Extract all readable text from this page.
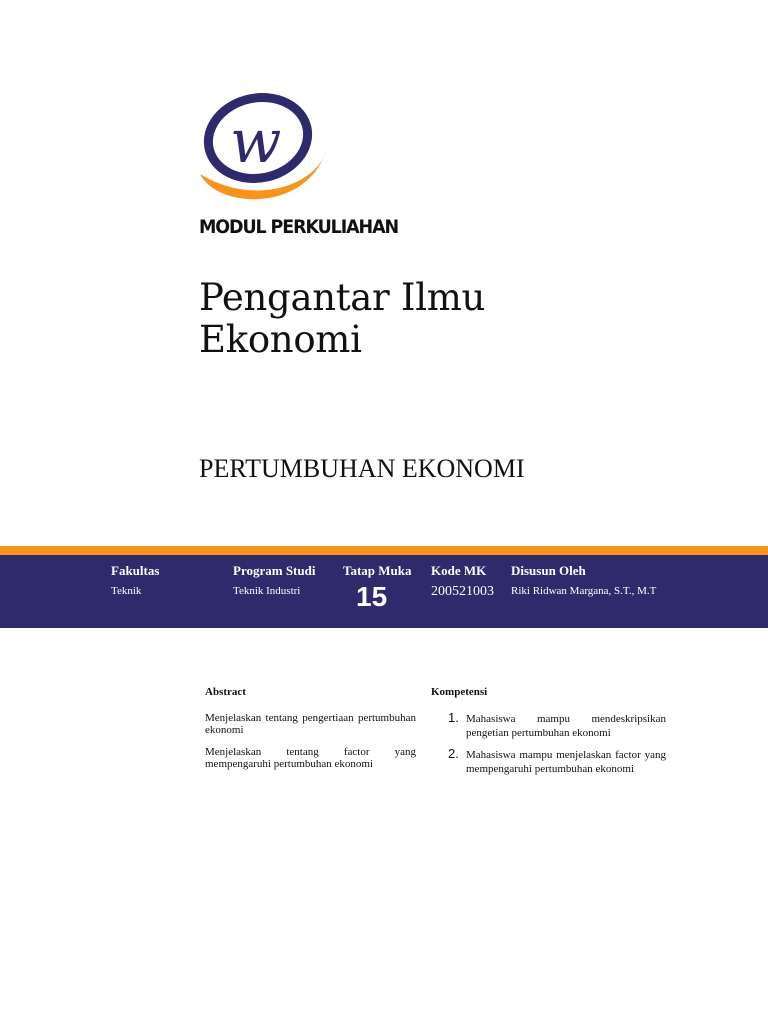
w
MODUL PERKULIAHAN
Pengantar Ilmu Ekonomi
PERTUMBUHAN EKONOMI
Fakultas
Teknik
Program Studi
Teknik Industri
Tatap Muka
15
Kode MK
200521003
Disusun Oleh
Riki Ridwan Margana, S.T., M.T
Abstract

Menjelaskan tentang pengertiaan pertumbuhan ekonomi

Menjelaskan tentang factor yang mempengaruhi pertumbuhan ekonomi

Kompetensi
1. Mahasiswa mampu mendeskripsikan pengetian pertumbuhan ekonomi
2. Mahasiswa mampu menjelaskan factor yang mempengaruhi pertumbuhan ekonomi
